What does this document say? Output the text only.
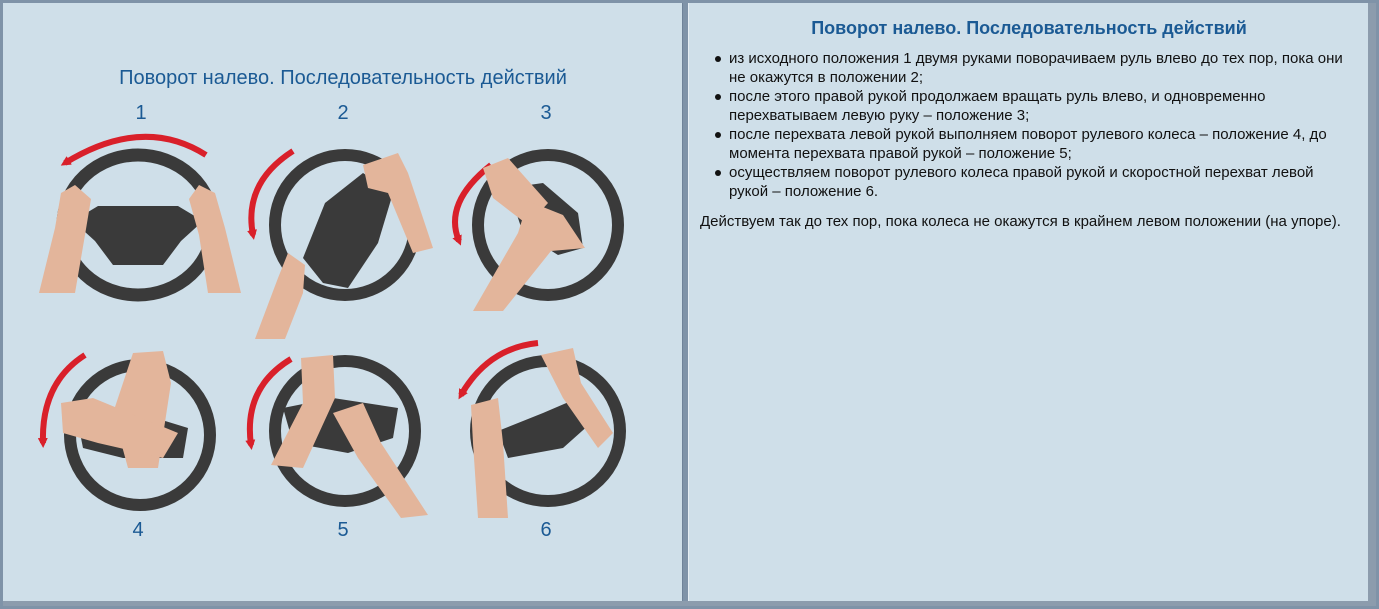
Поворот налево. Последовательность действий
1	2	3
4	5	6
Поворот налево. Последовательность действий
из исходного положения 1 двумя руками поворачиваем руль влево до тех пор, пока они не окажутся в положении 2;
после этого правой рукой продолжаем вращать руль влево, и одновременно перехватываем левую руку – положение 3;
после перехвата левой рукой выполняем поворот рулевого колеса – положение 4, до момента перехвата правой рукой – положение 5;
осуществляем поворот рулевого колеса правой рукой и скоростной перехват левой рукой – положение 6.
Действуем так до тех пор, пока колеса не окажутся в крайнем левом положении (на упоре).
